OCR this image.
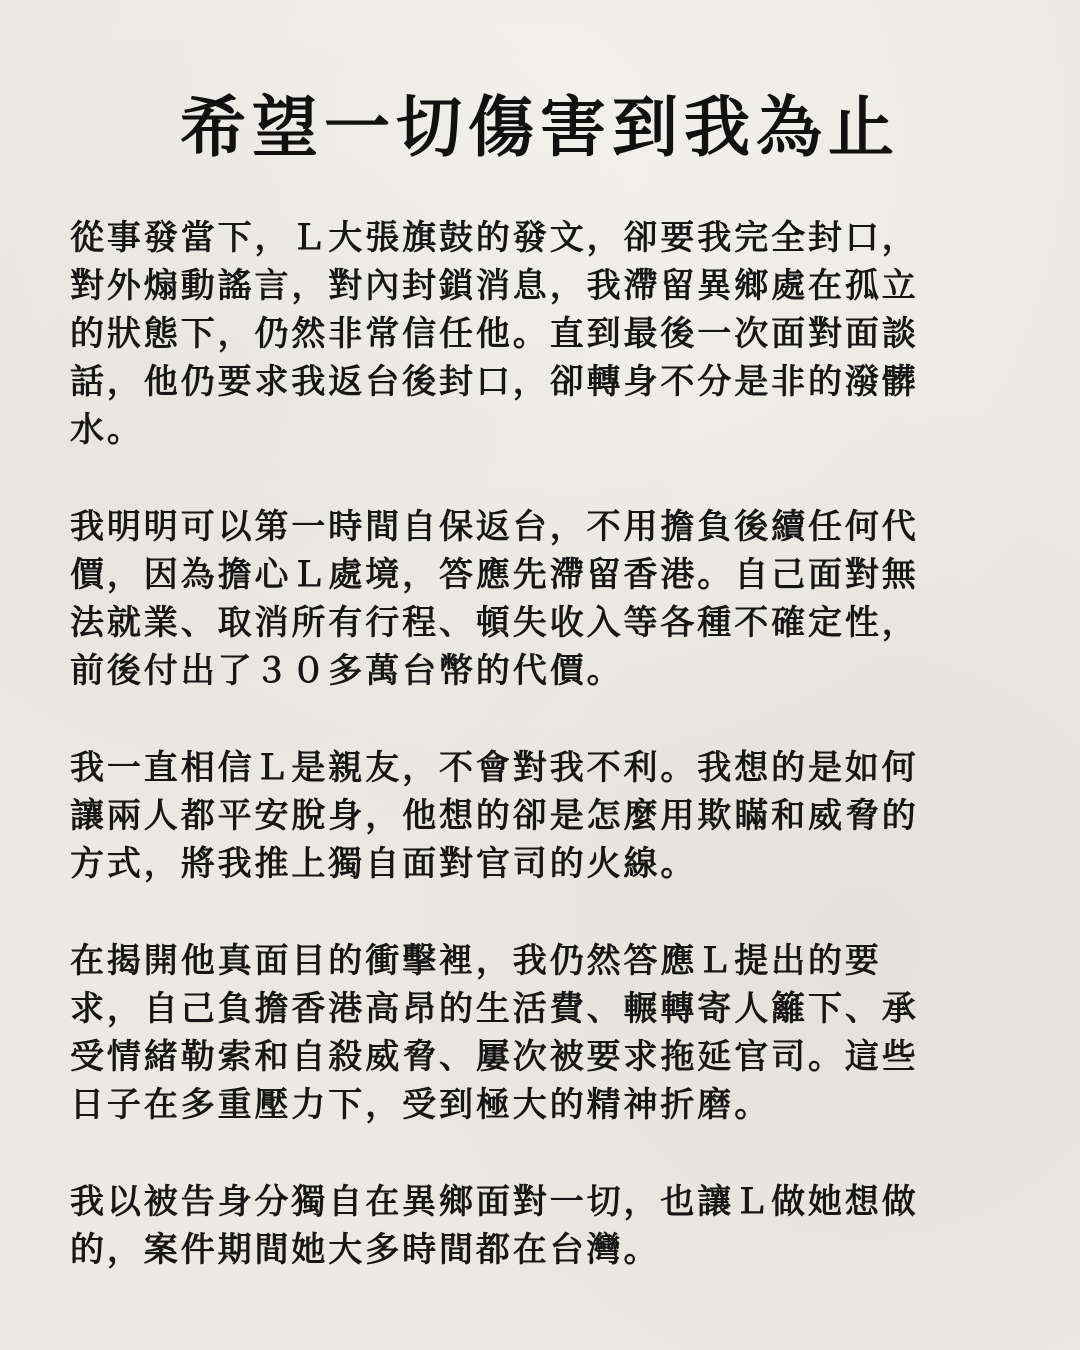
希望一切傷害到我為止

從事發當下，Ｌ大張旗鼓的發文，卻要我完全封口，
對外煽動謠言，對內封鎖消息，我滯留異鄉處在孤立
的狀態下，仍然非常信任他。直到最後一次面對面談
話，他仍要求我返台後封口，卻轉身不分是非的潑髒
水。

我明明可以第一時間自保返台，不用擔負後續任何代
價，因為擔心Ｌ處境，答應先滯留香港。自己面對無
法就業、取消所有行程、頓失收入等各種不確定性，
前後付出了３０多萬台幣的代價。

我一直相信Ｌ是親友，不會對我不利。我想的是如何
讓兩人都平安脫身，他想的卻是怎麼用欺瞞和威脅的
方式，將我推上獨自面對官司的火線。

在揭開他真面目的衝擊裡，我仍然答應Ｌ提出的要
求，自己負擔香港高昂的生活費、輾轉寄人籬下、承
受情緒勒索和自殺威脅、屢次被要求拖延官司。這些
日子在多重壓力下，受到極大的精神折磨。

我以被告身分獨自在異鄉面對一切，也讓Ｌ做她想做
的，案件期間她大多時間都在台灣。
